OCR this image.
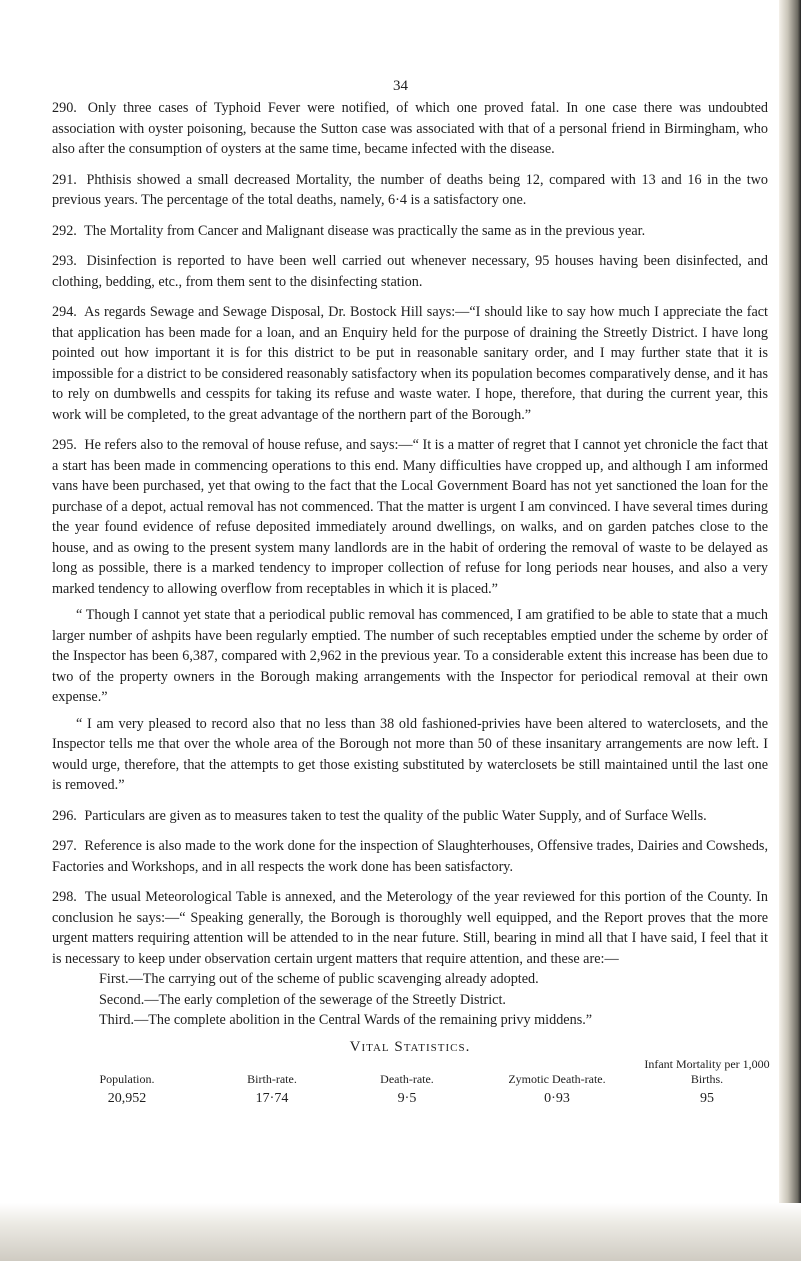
34

290. Only three cases of Typhoid Fever were notified, of which one proved fatal. In one case there was undoubted association with oyster poisoning, because the Sutton case was associated with that of a personal friend in Birmingham, who also after the consumption of oysters at the same time, became infected with the disease.

291. Phthisis showed a small decreased Mortality, the number of deaths being 12, compared with 13 and 16 in the two previous years. The percentage of the total deaths, namely, 6·4 is a satisfactory one.

292. The Mortality from Cancer and Malignant disease was practically the same as in the previous year.

293. Disinfection is reported to have been well carried out whenever necessary, 95 houses having been disinfected, and clothing, bedding, etc., from them sent to the disinfecting station.

294. As regards Sewage and Sewage Disposal, Dr. Bostock Hill says:—“I should like to say how much I appreciate the fact that application has been made for a loan, and an Enquiry held for the purpose of draining the Streetly District. I have long pointed out how important it is for this district to be put in reasonable sanitary order, and I may further state that it is impossible for a district to be considered reasonably satisfactory when its population becomes comparatively dense, and it has to rely on dumbwells and cesspits for taking its refuse and waste water. I hope, therefore, that during the current year, this work will be completed, to the great advantage of the northern part of the Borough.”

295. He refers also to the removal of house refuse, and says:—“ It is a matter of regret that I cannot yet chronicle the fact that a start has been made in commencing operations to this end. Many difficulties have cropped up, and although I am informed vans have been purchased, yet that owing to the fact that the Local Government Board has not yet sanctioned the loan for the purchase of a depot, actual removal has not commenced. That the matter is urgent I am convinced. I have several times during the year found evidence of refuse deposited immediately around dwellings, on walks, and on garden patches close to the house, and as owing to the present system many landlords are in the habit of ordering the removal of waste to be delayed as long as possible, there is a marked tendency to improper collection of refuse for long periods near houses, and also a very marked tendency to allowing overflow from receptables in which it is placed.”

“ Though I cannot yet state that a periodical public removal has commenced, I am gratified to be able to state that a much larger number of ashpits have been regularly emptied. The number of such receptables emptied under the scheme by order of the Inspector has been 6,387, compared with 2,962 in the previous year. To a considerable extent this increase has been due to two of the property owners in the Borough making arrangements with the Inspector for periodical removal at their own expense.”

“ I am very pleased to record also that no less than 38 old fashioned-privies have been altered to waterclosets, and the Inspector tells me that over the whole area of the Borough not more than 50 of these insanitary arrangements are now left. I would urge, therefore, that the attempts to get those existing substituted by waterclosets be still maintained until the last one is removed.”

296. Particulars are given as to measures taken to test the quality of the public Water Supply, and of Surface Wells.

297. Reference is also made to the work done for the inspection of Slaughterhouses, Offensive trades, Dairies and Cowsheds, Factories and Workshops, and in all respects the work done has been satisfactory.

298. The usual Meteorological Table is annexed, and the Meterology of the year reviewed for this portion of the County. In conclusion he says:—“ Speaking generally, the Borough is thoroughly well equipped, and the Report proves that the more urgent matters requiring attention will be attended to in the near future. Still, bearing in mind all that I have said, I feel that it is necessary to keep under observation certain urgent matters that require attention, and these are:—

First.—The carrying out of the scheme of public scavenging already adopted.
Second.—The early completion of the sewerage of the Streetly District.
Third.—The complete abolition in the Central Wards of the remaining privy middens.”
Vital Statistics.
Population.	Birth-rate.	Death-rate.	Zymotic Death-rate.	Infant Mortality per 1,000 Births.
20,952	17·74	9·5	0·93	95
